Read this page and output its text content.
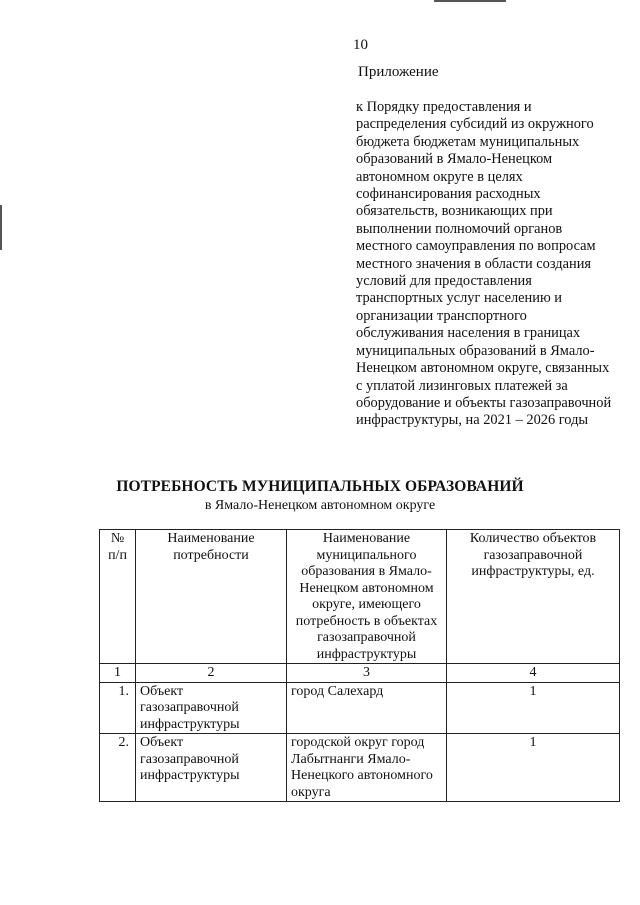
10
Приложение
к Порядку предоставления и распределения субсидий из окружного бюджета бюджетам муниципальных образований в Ямало-Ненецком автономном округе в целях софинансирования расходных обязательств, возникающих при выполнении полномочий органов местного самоуправления по вопросам местного значения в области создания условий для предоставления транспортных услуг населению и организации транспортного обслуживания населения в границах муниципальных образований в Ямало-Ненецком автономном округе, связанных с уплатой лизинговых платежей за оборудование и объекты газозаправочной инфраструктуры, на 2021 – 2026 годы
ПОТРЕБНОСТЬ МУНИЦИПАЛЬНЫХ ОБРАЗОВАНИЙ
в Ямало-Ненецком автономном округе
№ п/п	Наименование потребности	Наименование муниципального образования в Ямало-Ненецком автономном округе, имеющего потребность в объектах газозаправочной инфраструктуры	Количество объектов газозаправочной инфраструктуры, ед.
1	2	3	4
1.	Объект газозаправочной инфраструктуры	город Салехард	1
2.	Объект газозаправочной инфраструктуры	городской округ город Лабытнанги Ямало-Ненецкого автономного округа	1
